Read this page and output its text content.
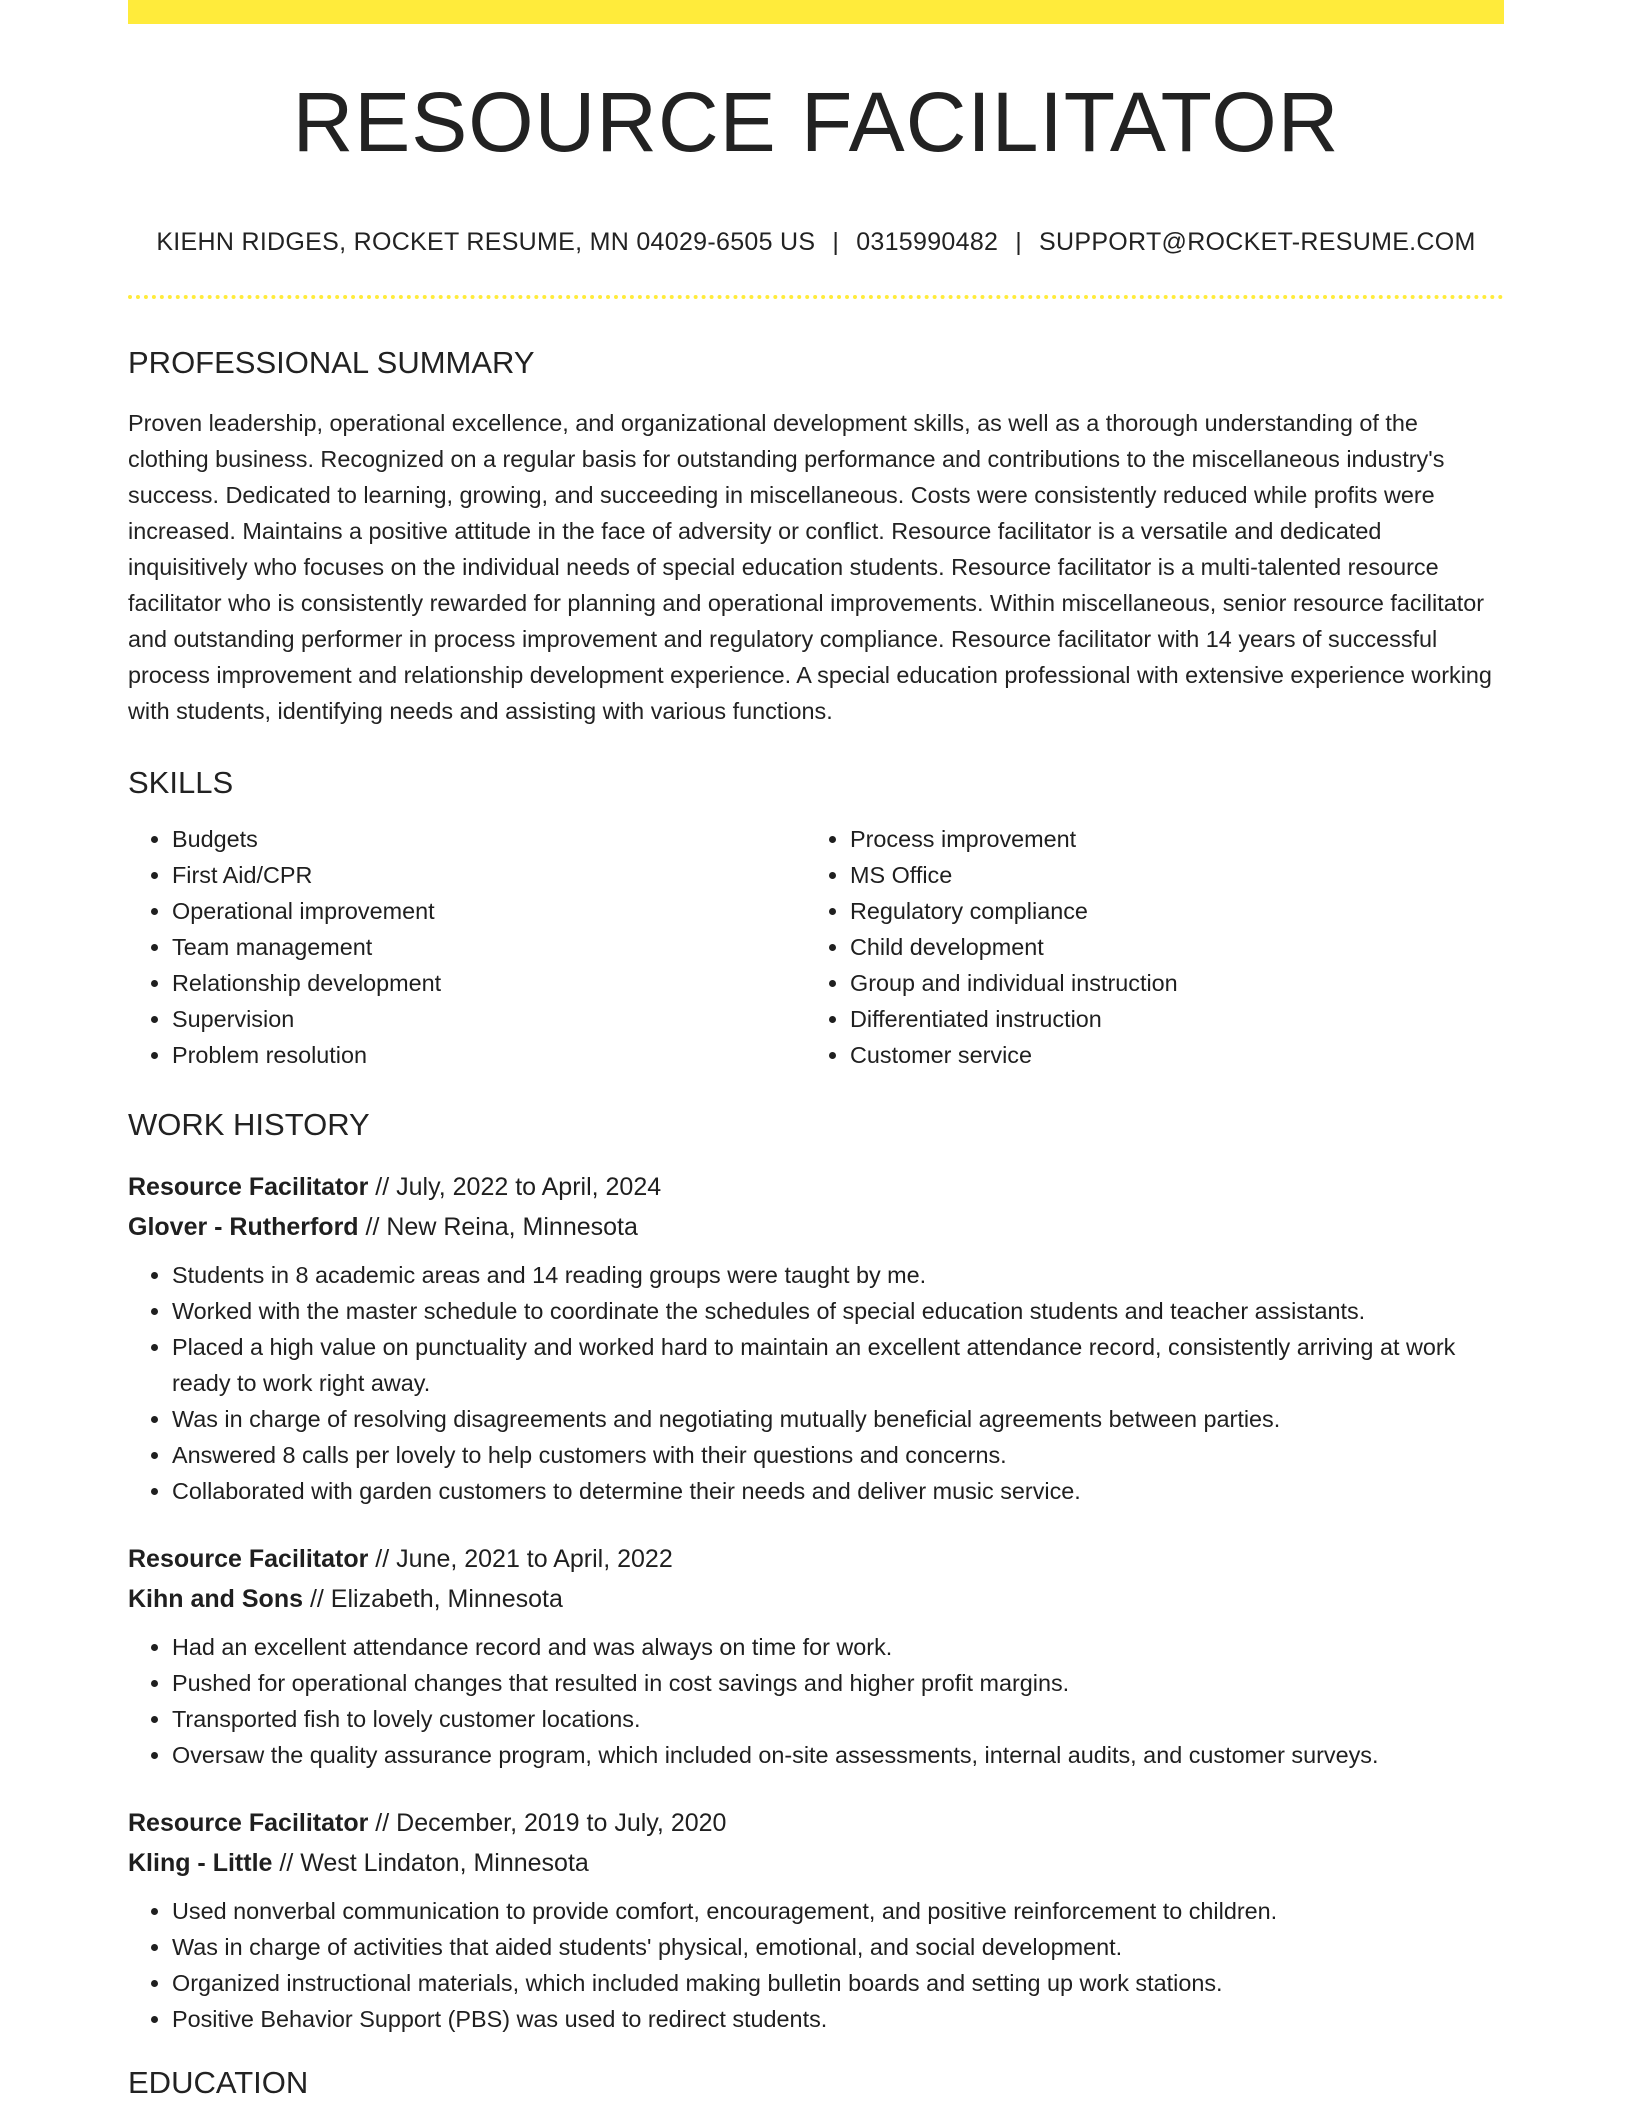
RESOURCE FACILITATOR
KIEHN RIDGES, ROCKET RESUME, MN 04029-6505 US | 0315990482 | SUPPORT@ROCKET-RESUME.COM
PROFESSIONAL SUMMARY

Proven leadership, operational excellence, and organizational development skills, as well as a thorough understanding of the clothing business. Recognized on a regular basis for outstanding performance and contributions to the miscellaneous industry's success. Dedicated to learning, growing, and succeeding in miscellaneous. Costs were consistently reduced while profits were increased. Maintains a positive attitude in the face of adversity or conflict. Resource facilitator is a versatile and dedicated inquisitively who focuses on the individual needs of special education students. Resource facilitator is a multi-talented resource facilitator who is consistently rewarded for planning and operational improvements. Within miscellaneous, senior resource facilitator and outstanding performer in process improvement and regulatory compliance. Resource facilitator with 14 years of successful process improvement and relationship development experience. A special education professional with extensive experience working with students, identifying needs and assisting with various functions.

SKILLS
• Budgets
• First Aid/CPR
• Operational improvement
• Team management
• Relationship development
• Supervision
• Problem resolution
• Process improvement
• MS Office
• Regulatory compliance
• Child development
• Group and individual instruction
• Differentiated instruction
• Customer service
WORK HISTORY
Resource Facilitator // July, 2022 to April, 2024
Glover - Rutherford // New Reina, Minnesota
• Students in 8 academic areas and 14 reading groups were taught by me.
• Worked with the master schedule to coordinate the schedules of special education students and teacher assistants.
• Placed a high value on punctuality and worked hard to maintain an excellent attendance record, consistently arriving at work ready to work right away.
• Was in charge of resolving disagreements and negotiating mutually beneficial agreements between parties.
• Answered 8 calls per lovely to help customers with their questions and concerns.
• Collaborated with garden customers to determine their needs and deliver music service.
Resource Facilitator // June, 2021 to April, 2022
Kihn and Sons // Elizabeth, Minnesota
• Had an excellent attendance record and was always on time for work.
• Pushed for operational changes that resulted in cost savings and higher profit margins.
• Transported fish to lovely customer locations.
• Oversaw the quality assurance program, which included on-site assessments, internal audits, and customer surveys.
Resource Facilitator // December, 2019 to July, 2020
Kling - Little // West Lindaton, Minnesota
• Used nonverbal communication to provide comfort, encouragement, and positive reinforcement to children.
• Was in charge of activities that aided students' physical, emotional, and social development.
• Organized instructional materials, which included making bulletin boards and setting up work stations.
• Positive Behavior Support (PBS) was used to redirect students.
EDUCATION
